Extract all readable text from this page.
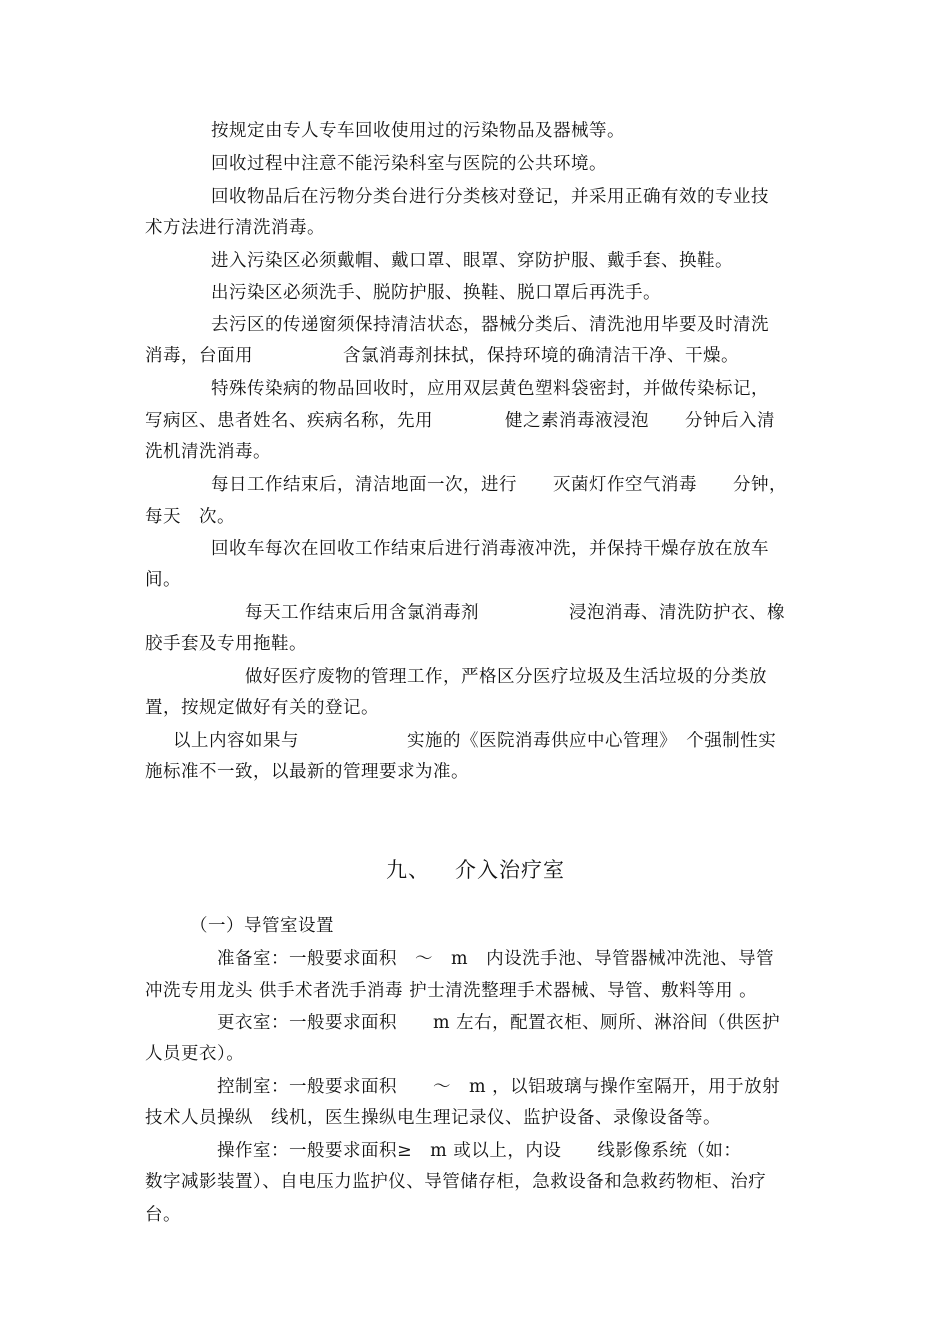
按规定由专人专车回收使用过的污染物品及器械等。
回收过程中注意不能污染科室与医院的公共环境。
回收物品后在污物分类台进行分类核对登记，并采用正确有效的专业技
术方法进行清洗消毒。
进入污染区必须戴帽、戴口罩、眼罩、穿防护服、戴手套、换鞋。
出污染区必须洗手、脱防护服、换鞋、脱口罩后再洗手。
去污区的传递窗须保持清洁状态，器械分类后、清洗池用毕要及时清洗
消毒，台面用　　　　　含氯消毒剂抹拭，保持环境的确清洁干净、干燥。
特殊传染病的物品回收时，应用双层黄色塑料袋密封，并做传染标记，
写病区、患者姓名、疾病名称，先用　　　　健之素消毒液浸泡　　分钟后入清
洗机清洗消毒。
每日工作结束后，清洁地面一次，进行　　灭菌灯作空气消毒　　分钟，
每天　次。
回收车每次在回收工作结束后进行消毒液冲洗，并保持干燥存放在放车
间。
每天工作结束后用含氯消毒剂　　　　　浸泡消毒、清洗防护衣、橡
胶手套及专用拖鞋。
做好医疗废物的管理工作，严格区分医疗垃圾及生活垃圾的分类放
置，按规定做好有关的登记。
以上内容如果与　　　　　　实施的《医院消毒供应中心管理》　个强制性实
施标准不一致，以最新的管理要求为准。
九、 介入治疗室
（一）导管室设置
准备室：一般要求面积　～　m　内设洗手池、导管器械冲洗池、导管
冲洗专用龙头 供手术者洗手消毒 护士清洗整理手术器械、导管、敷料等用 。
更衣室：一般要求面积　　m 左右，配置衣柜、厕所、淋浴间（供医护
人员更衣）。
控制室：一般要求面积　　～　m ，以铝玻璃与操作室隔开，用于放射
技术人员操纵　线机，医生操纵电生理记录仪、监护设备、录像设备等。
操作室：一般要求面积≥　m 或以上，内设　　线影像系统（如：
数字减影装置）、自电压力监护仪、导管储存柜，急救设备和急救药物柜、治疗
台。
